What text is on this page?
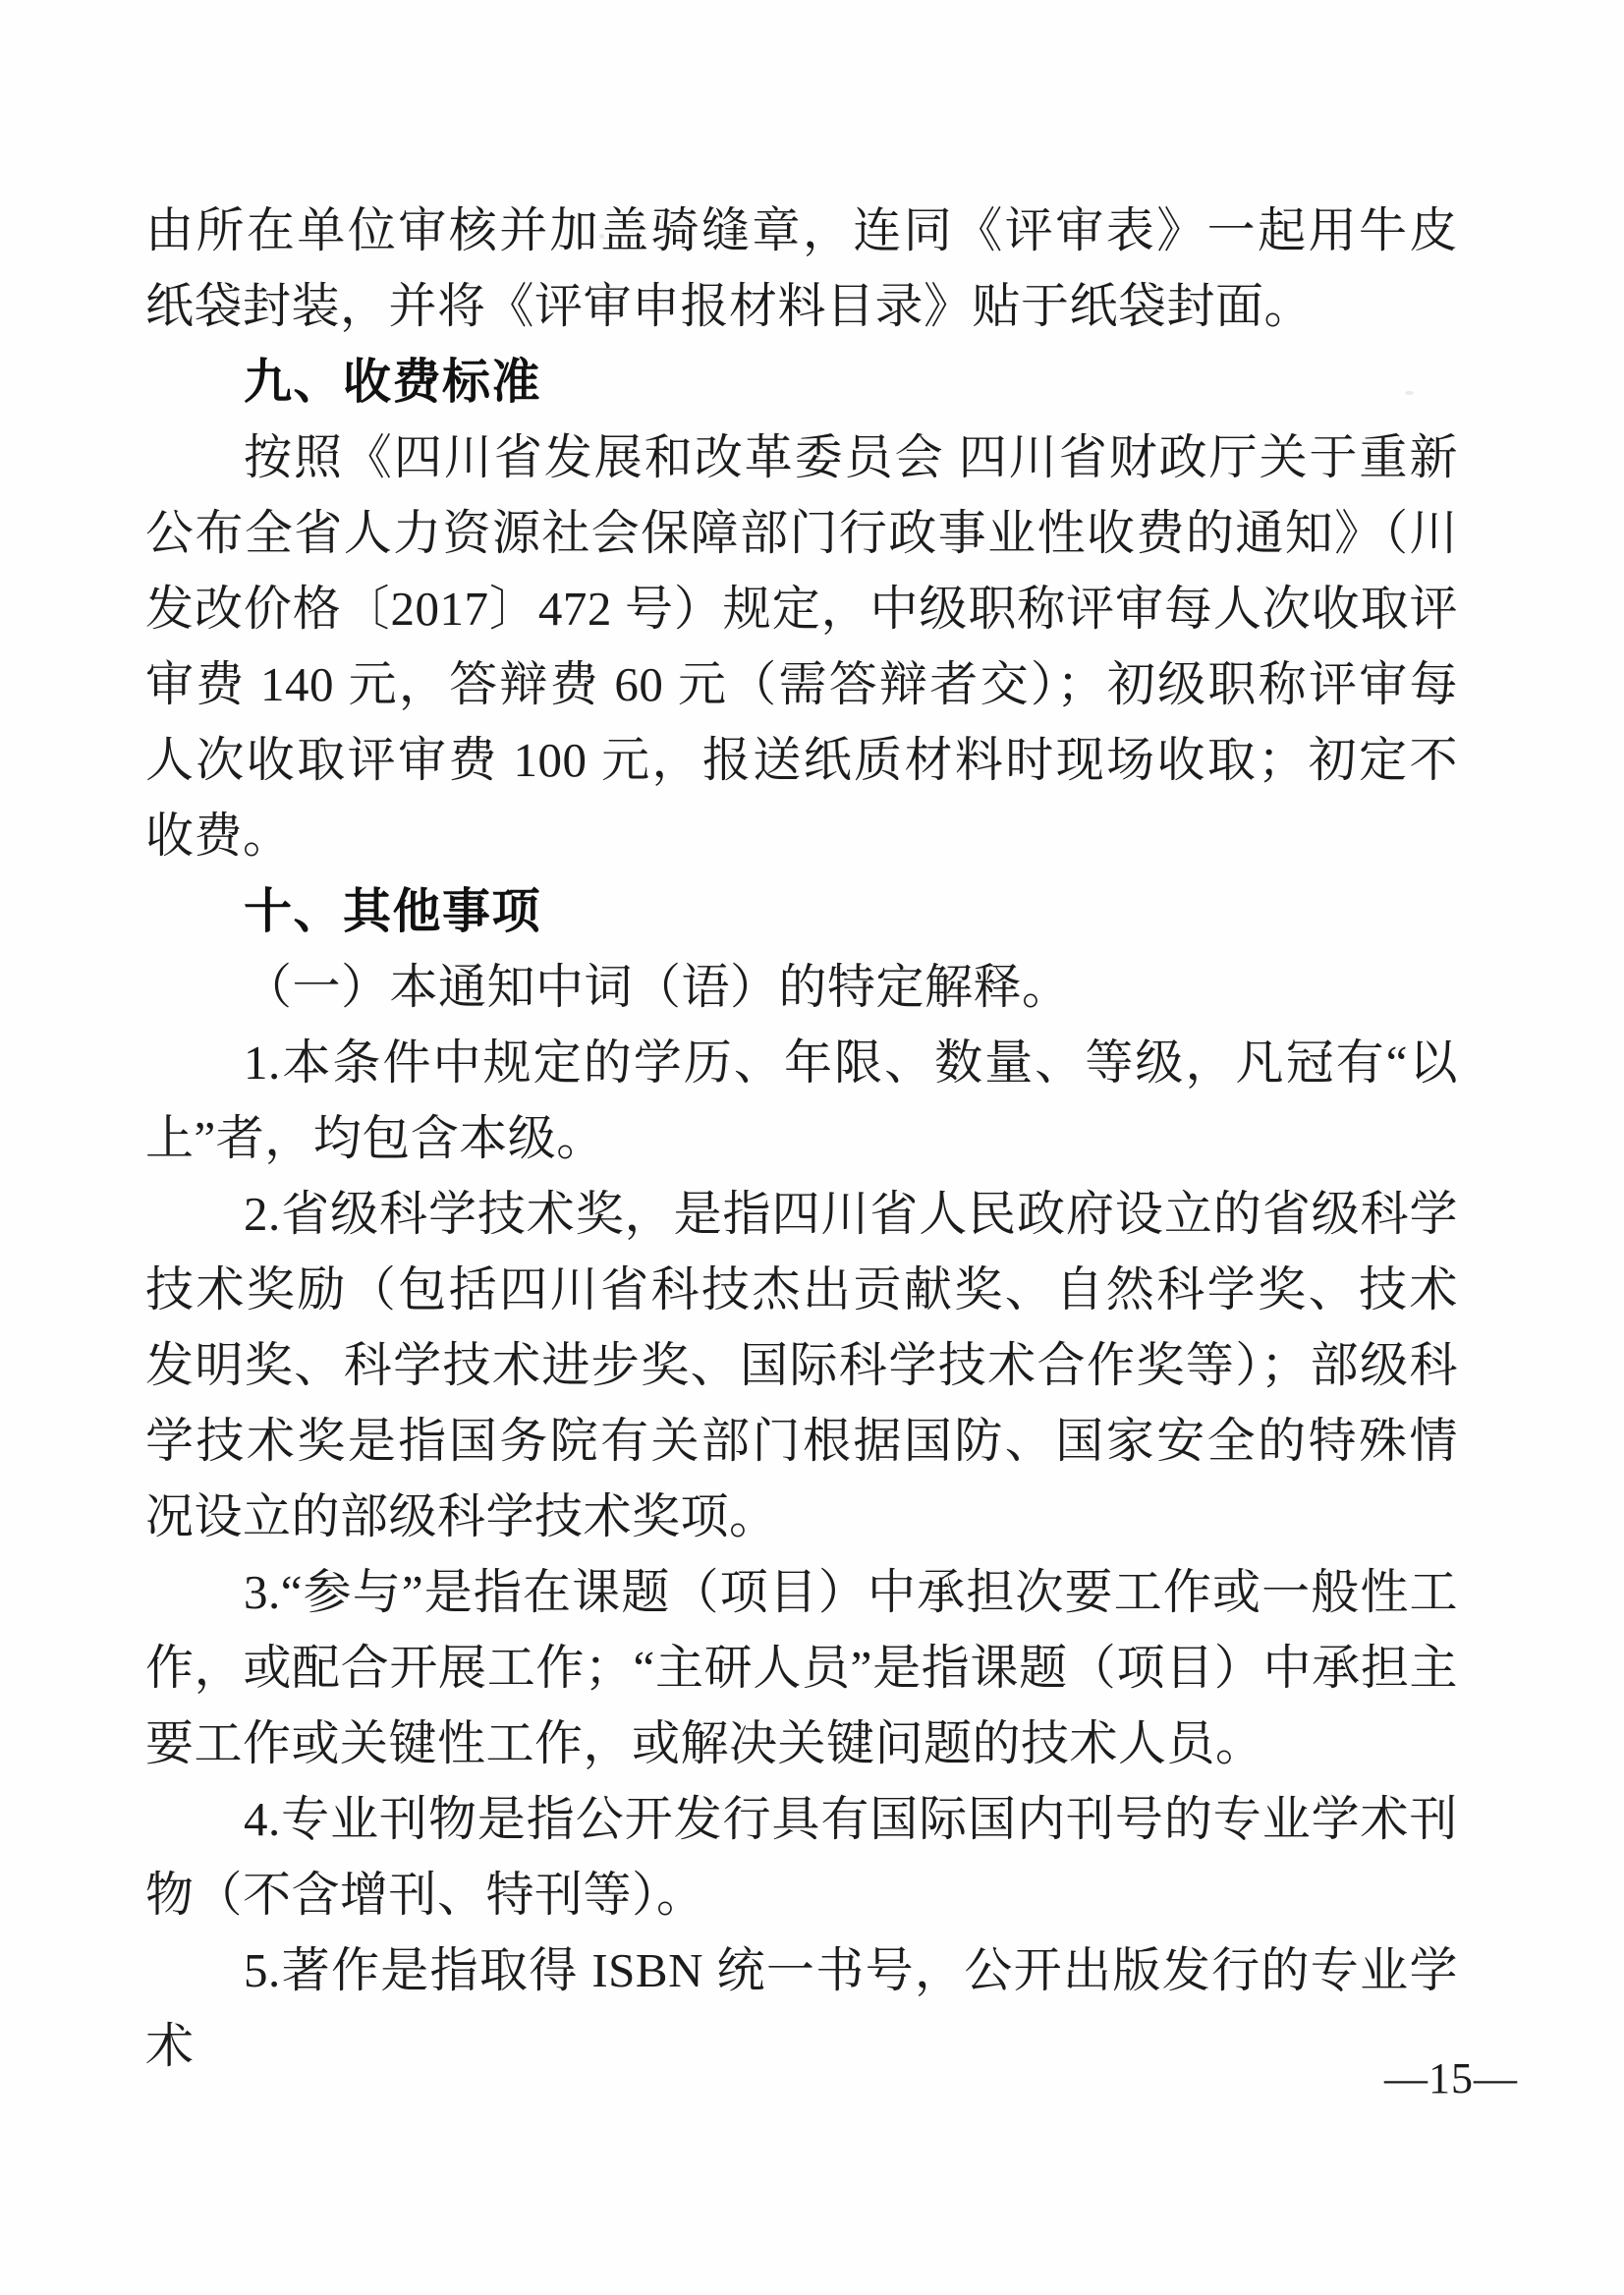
由所在单位审核并加盖骑缝章，连同《评审表》一起用牛皮纸袋封装，并将《评审申报材料目录》贴于纸袋封面。

九、收费标准

按照《四川省发展和改革委员会 四川省财政厅关于重新公布全省人力资源社会保障部门行政事业性收费的通知》（川发改价格〔2017〕472 号）规定，中级职称评审每人次收取评审费 140 元，答辩费 60 元（需答辩者交）；初级职称评审每人次收取评审费 100 元，报送纸质材料时现场收取；初定不收费。

十、其他事项

（一）本通知中词（语）的特定解释。

1.本条件中规定的学历、年限、数量、等级，凡冠有“以上”者，均包含本级。

2.省级科学技术奖，是指四川省人民政府设立的省级科学技术奖励（包括四川省科技杰出贡献奖、自然科学奖、技术发明奖、科学技术进步奖、国际科学技术合作奖等）；部级科学技术奖是指国务院有关部门根据国防、国家安全的特殊情况设立的部级科学技术奖项。

3.“参与”是指在课题（项目）中承担次要工作或一般性工作，或配合开展工作；“主研人员”是指课题（项目）中承担主要工作或关键性工作，或解决关键问题的技术人员。

4.专业刊物是指公开发行具有国际国内刊号的专业学术刊物（不含增刊、特刊等）。

5.著作是指取得 ISBN 统一书号，公开出版发行的专业学术

—15—
